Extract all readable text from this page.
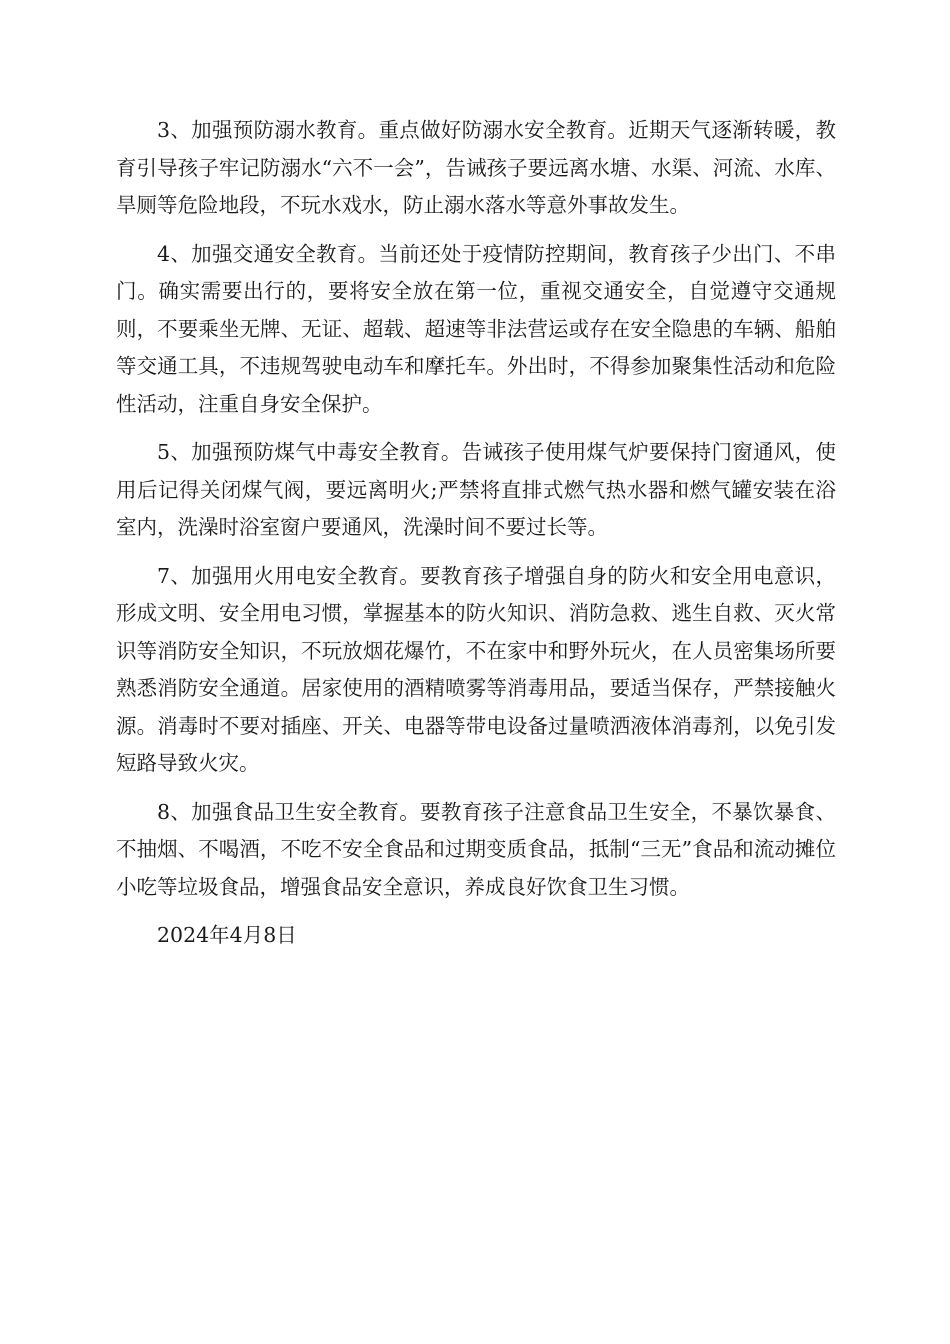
3、加强预防溺水教育。重点做好防溺水安全教育。近期天气逐渐转暖，教育引导孩子牢记防溺水“六不一会”，告诫孩子要远离水塘、水渠、河流、水库、旱厕等危险地段，不玩水戏水，防止溺水落水等意外事故发生。

4、加强交通安全教育。当前还处于疫情防控期间，教育孩子少出门、不串门。确实需要出行的，要将安全放在第一位，重视交通安全，自觉遵守交通规则，不要乘坐无牌、无证、超载、超速等非法营运或存在安全隐患的车辆、船舶等交通工具，不违规驾驶电动车和摩托车。外出时，不得参加聚集性活动和危险性活动，注重自身安全保护。

5、加强预防煤气中毒安全教育。告诫孩子使用煤气炉要保持门窗通风，使用后记得关闭煤气阀，要远离明火;严禁将直排式燃气热水器和燃气罐安装在浴室内，洗澡时浴室窗户要通风，洗澡时间不要过长等。

7、加强用火用电安全教育。要教育孩子增强自身的防火和安全用电意识，形成文明、安全用电习惯，掌握基本的防火知识、消防急救、逃生自救、灭火常识等消防安全知识，不玩放烟花爆竹，不在家中和野外玩火，在人员密集场所要熟悉消防安全通道。居家使用的酒精喷雾等消毒用品，要适当保存，严禁接触火源。消毒时不要对插座、开关、电器等带电设备过量喷洒液体消毒剂，以免引发短路导致火灾。

8、加强食品卫生安全教育。要教育孩子注意食品卫生安全，不暴饮暴食、不抽烟、不喝酒，不吃不安全食品和过期变质食品，抵制“三无”食品和流动摊位小吃等垃圾食品，增强食品安全意识，养成良好饮食卫生习惯。

2024年4月8日
